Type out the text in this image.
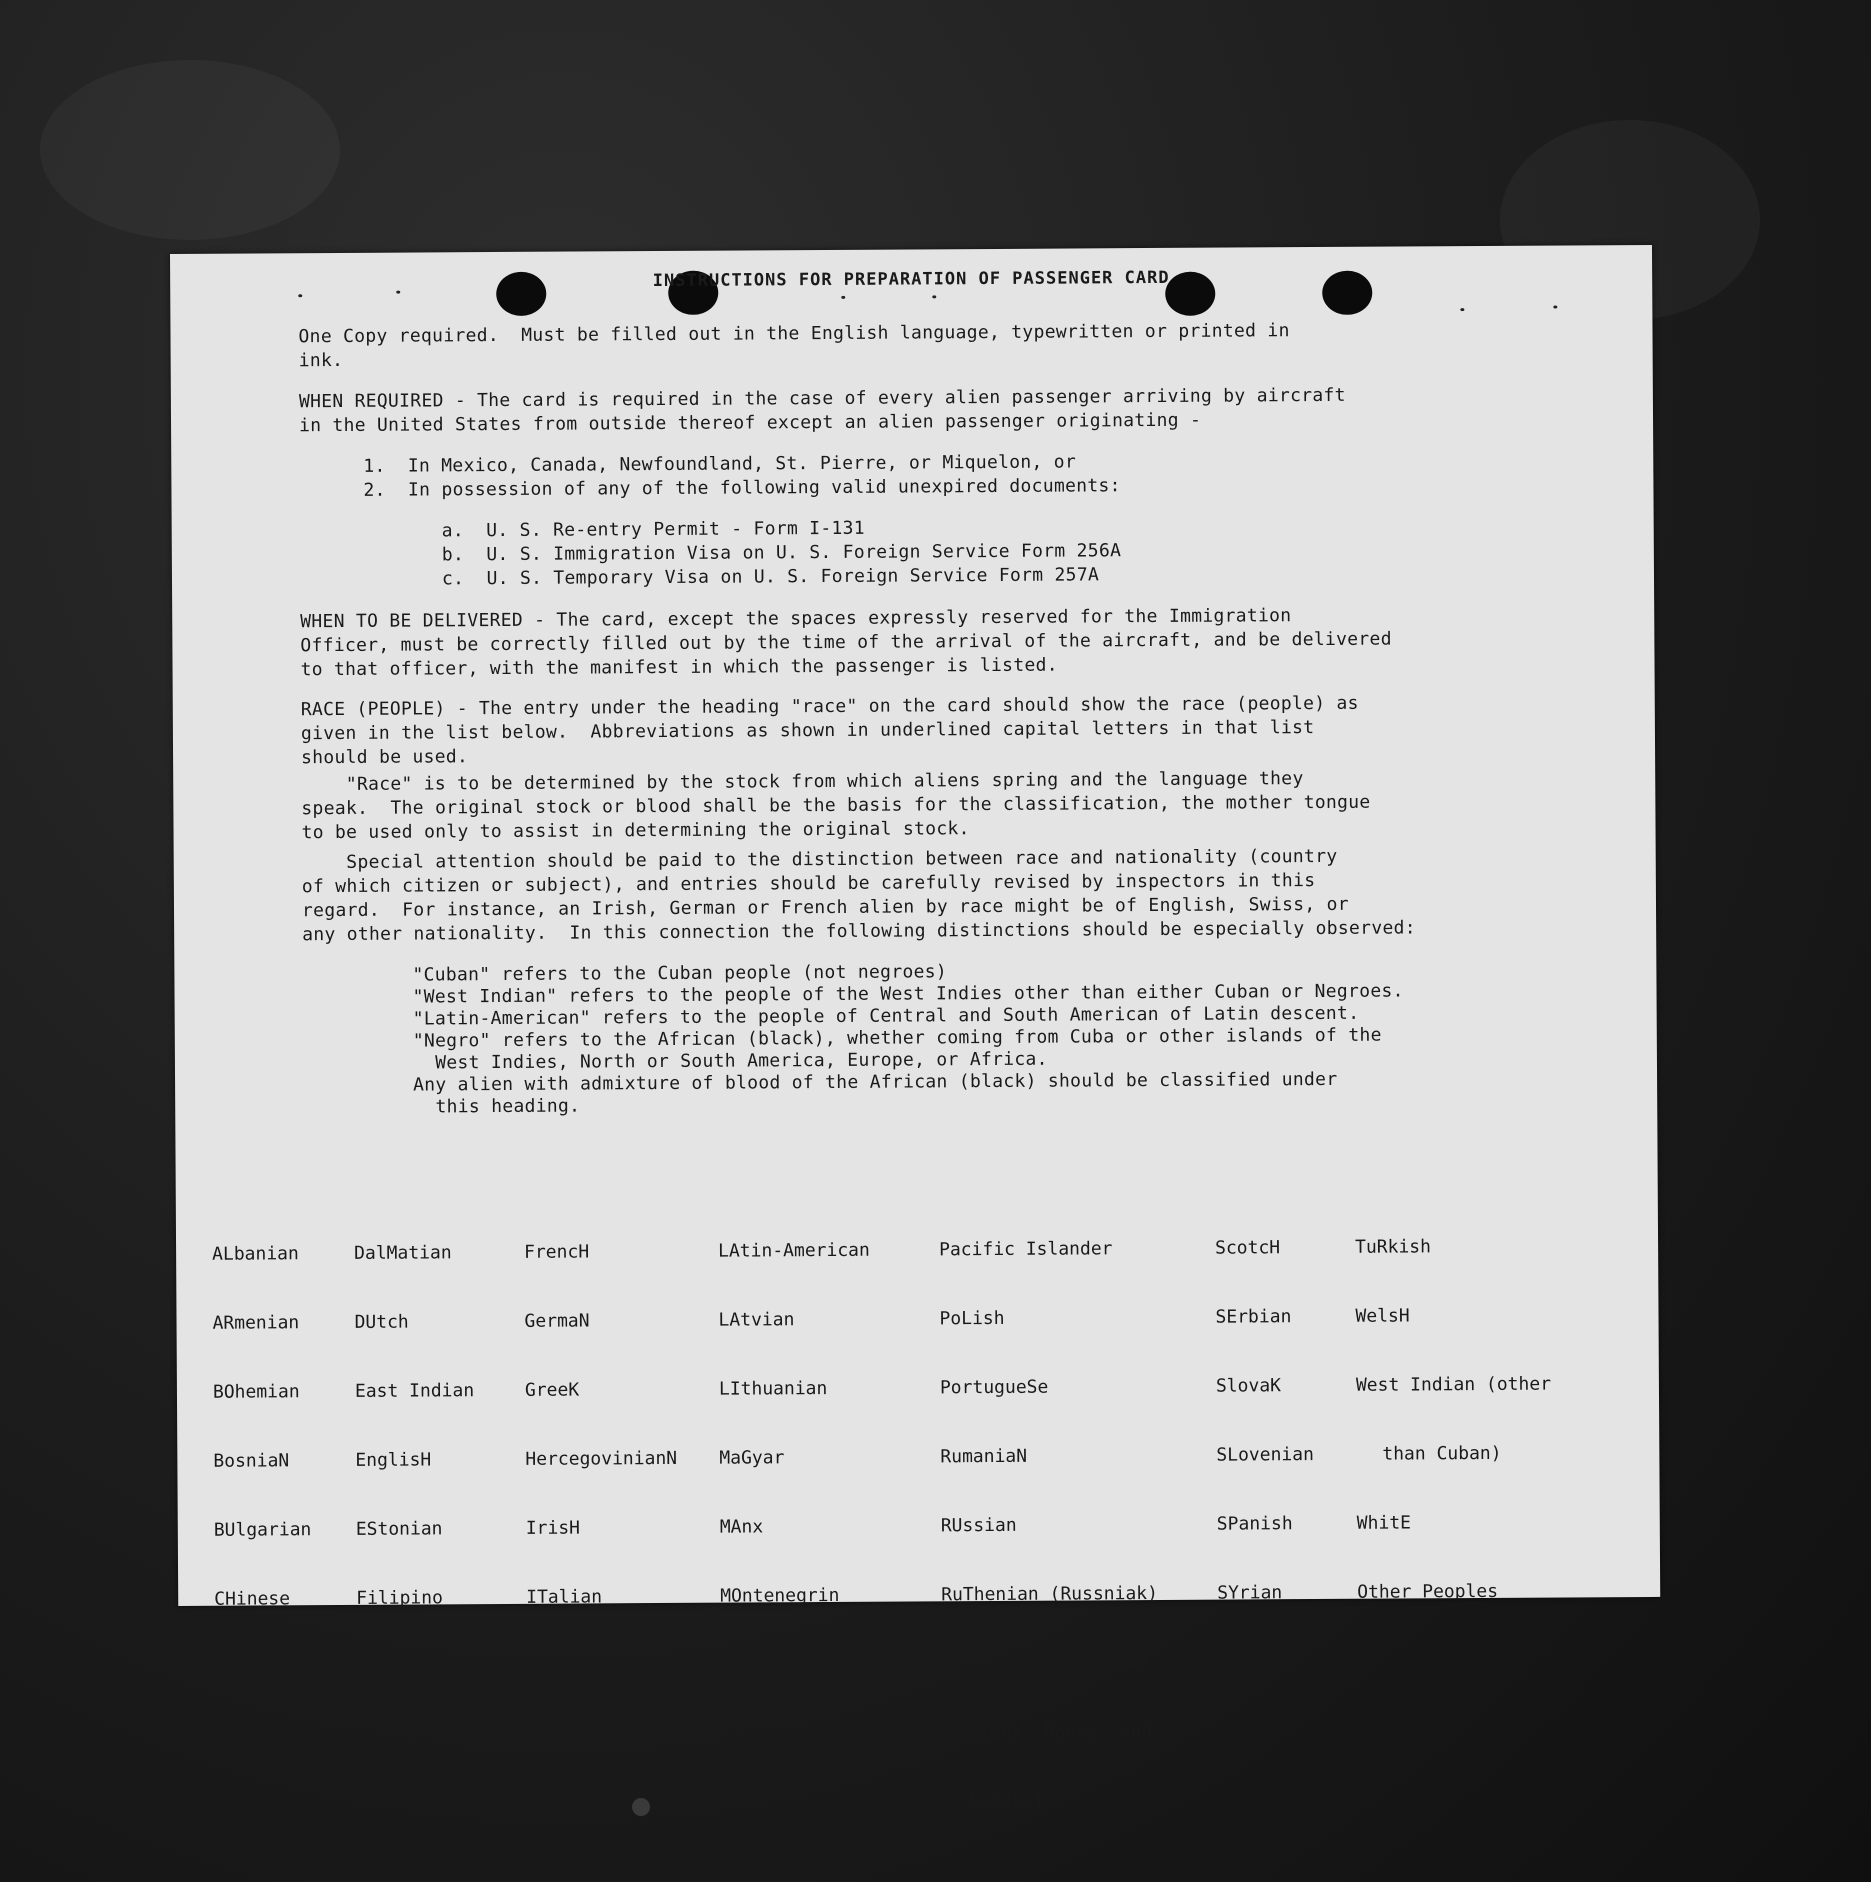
INSTRUCTIONS FOR PREPARATION OF PASSENGER CARD
One Copy required.  Must be filled out in the English language, typewritten or printed in
ink.
WHEN REQUIRED - The card is required in the case of every alien passenger arriving by aircraft
in the United States from outside thereof except an alien passenger originating -
1.  In Mexico, Canada, Newfoundland, St. Pierre, or Miquelon, or
2.  In possession of any of the following valid unexpired documents:
a.  U. S. Re-entry Permit - Form I-131
b.  U. S. Immigration Visa on U. S. Foreign Service Form 256A
c.  U. S. Temporary Visa on U. S. Foreign Service Form 257A
WHEN TO BE DELIVERED - The card, except the spaces expressly reserved for the Immigration
Officer, must be correctly filled out by the time of the arrival of the aircraft, and be delivered
to that officer, with the manifest in which the passenger is listed.
RACE (PEOPLE) - The entry under the heading "race" on the card should show the race (people) as
given in the list below.  Abbreviations as shown in underlined capital letters in that list
should be used.
"Race" is to be determined by the stock from which aliens spring and the language they
speak.  The original stock or blood shall be the basis for the classification, the mother tongue
to be used only to assist in determining the original stock.
Special attention should be paid to the distinction between race and nationality (country
of which citizen or subject), and entries should be carefully revised by inspectors in this
regard.  For instance, an Irish, German or French alien by race might be of English, Swiss, or
any other nationality.  In this connection the following distinctions should be especially observed:
"Cuban" refers to the Cuban people (not negroes)
"West Indian" refers to the people of the West Indies other than either Cuban or Negroes.
"Latin-American" refers to the people of Central and South American of Latin descent.
"Negro" refers to the African (black), whether coming from Cuba or other islands of the
West Indies, North or South America, Europe, or Africa.
Any alien with admixture of blood of the African (black) should be classified under
this heading.

ALbanian

ARmenian

BOhemian

BosniaN

BUlgarian

CHinese

CRoatian

CUban

DalMatian

DUtch

East Indian

EnglisH

EStonian

Filipino

FINish

FLemish

FrencH

GermaN

GreeK

HercegovinianN

IrisH

ITalian

JaPanese

KoreaN

LAtin-American

LAtvian

LIthuanian

MaGyar

MAnx

MOntenegrin

MoraviaN

NEgro

Pacific Islander

PoLish

PortugueSe

RumaniaN

RUssian

RuThenian (Russniak)

ScandinaviaN (Norwe-

gians, Danes, and

Swedes)

ScotcH

SErbian

SlovaK

SLovenian

SPanish

SYrian

TuRkish

WelsH

West Indian (other

than Cuban)

WhitE

Other Peoples
